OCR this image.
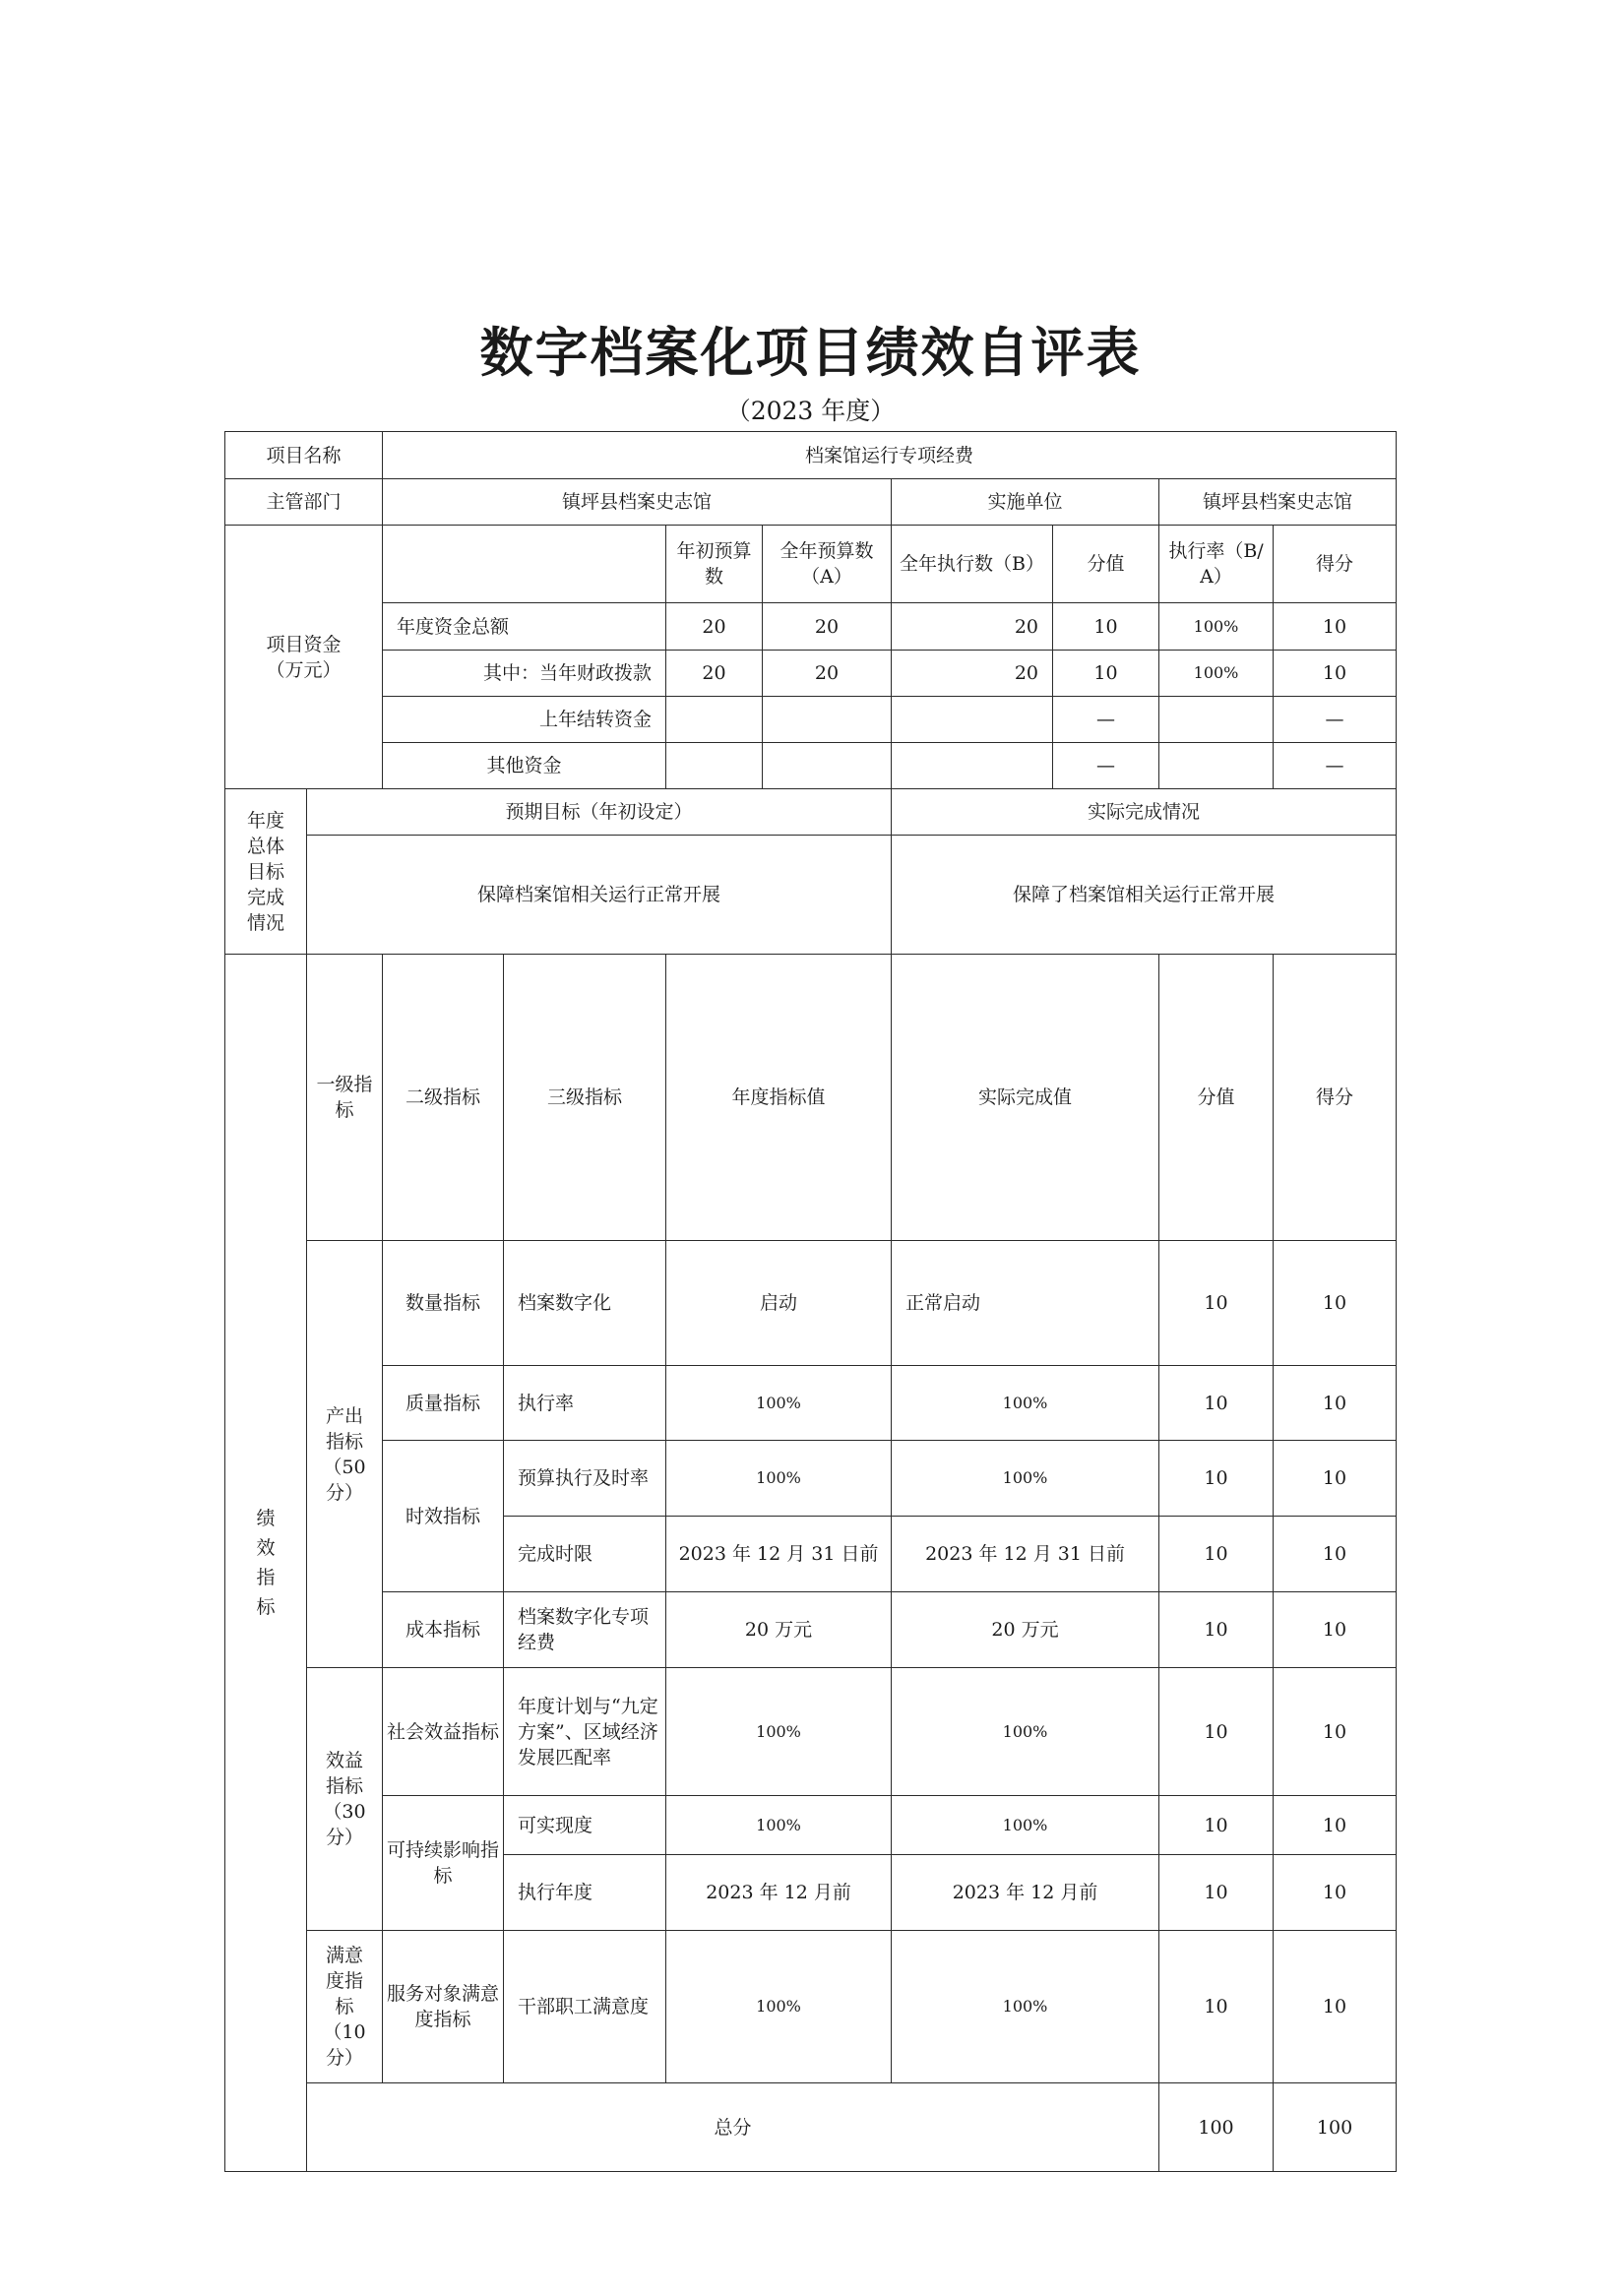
数字档案化项目绩效自评表
（2023 年度）
项目名称		档案馆运行专项经费								
主管部门		镇坪县档案史志馆				实施单位		镇坪县档案史志馆		
项目资金（万元）				年初预算数	全年预算数（A）	全年执行数（B）	分值	执行率（B/A）	得分	
		年度资金总额		20	20	20	10	100%	10	
		其中：当年财政拨款		20	20	20	10	100%	10	
		上年结转资金					—		—	
		其他资金					—		—	
年度总体目标完成情况	预期目标（年初设定）					实际完成情况				
	保障档案馆相关运行正常开展					保障了档案馆相关运行正常开展				
绩效指标	一级指标	二级指标	三级指标	年度指标值		实际完成值		分值	得分	
	产出指标（50分）	数量指标	档案数字化	启动		正常启动		10	10	
		质量指标	执行率	100%		100%		10	10	
		时效指标	预算执行及时率	100%		100%		10	10	
			完成时限	2023 年 12 月 31 日前		2023 年 12 月 31 日前		10	10	
		成本指标	档案数字化专项经费	20 万元		20 万元		10	10	
	效益指标（30分）	社会效益指标	年度计划与“九定方案”、区域经济发展匹配率	100%		100%		10	10	
		可持续影响指标	可实现度	100%		100%		10	10	
			执行年度	2023 年 12 月前		2023 年 12 月前		10	10	
	满意度指标（10分）	服务对象满意度指标	干部职工满意度	100%		100%		10	10	
	总分							100	100	
